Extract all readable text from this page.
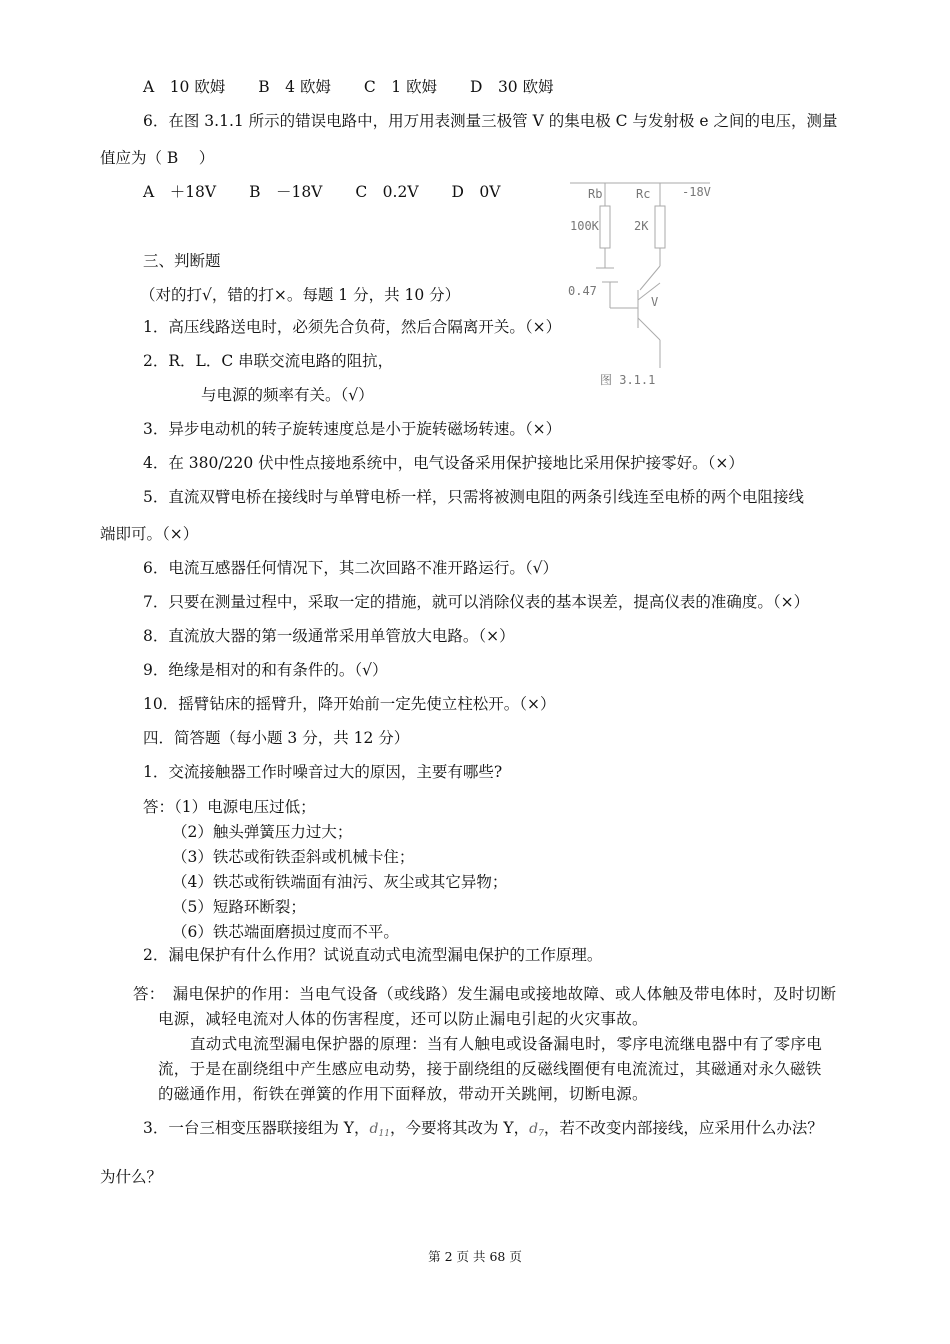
A　10 欧姆 B　4 欧姆 C　1 欧姆 D　30 欧姆
6．在图 3.1.1 所示的错误电路中，用万用表测量三极管 V 的集电极 C 与发射极 e 之间的电压，测量
值应为（ B　 ）
A　＋18V B　－18V C　0.2V D　0V	Rb	Rc	-18V
100K	2K
0.47
V
图 3.1.1
三、判断题
（对的打√，错的打×。每题 1 分，共 10 分）
1．高压线路送电时，必须先合负荷，然后合隔离开关。（×）
2．R．L．C 串联交流电路的阻抗，
与电源的频率有关。（√）
3．异步电动机的转子旋转速度总是小于旋转磁场转速。（×）
4．在 380/220 伏中性点接地系统中，电气设备采用保护接地比采用保护接零好。（×）
5．直流双臂电桥在接线时与单臂电桥一样，只需将被测电阻的两条引线连至电桥的两个电阻接线
端即可。（×）
6．电流互感器任何情况下，其二次回路不准开路运行。（√）
7．只要在测量过程中，采取一定的措施，就可以消除仪表的基本误差，提高仪表的准确度。（×）
8．直流放大器的第一级通常采用单管放大电路。（×）
9．绝缘是相对的和有条件的。（√）
10．摇臂钻床的摇臂升，降开始前一定先使立柱松开。（×）
四．简答题（每小题 3 分，共 12 分）
1．交流接触器工作时噪音过大的原因，主要有哪些?
答：（1）电源电压过低；
（2）触头弹簧压力过大；
（3）铁芯或衔铁歪斜或机械卡住；
（4）铁芯或衔铁端面有油污、灰尘或其它异物；
（5）短路环断裂；
（6）铁芯端面磨损过度而不平。
2．漏电保护有什么作用？试说直动式电流型漏电保护的工作原理。
答：　漏电保护的作用：当电气设备（或线路）发生漏电或接地故障、或人体触及带电体时，及时切断
电源，减轻电流对人体的伤害程度，还可以防止漏电引起的火灾事故。
直动式电流型漏电保护器的原理：当有人触电或设备漏电时，零序电流继电器中有了零序电
流，于是在副绕组中产生感应电动势，接于副绕组的反磁线圈便有电流流过，其磁通对永久磁铁
的磁通作用，衔铁在弹簧的作用下面释放，带动开关跳闸，切断电源。
3．一台三相变压器联接组为 Y，$d_{11}$，今要将其改为 Y，$d_7$，若不改变内部接线，应采用什么办法？
为什么？
第 2 页 共 68 页
